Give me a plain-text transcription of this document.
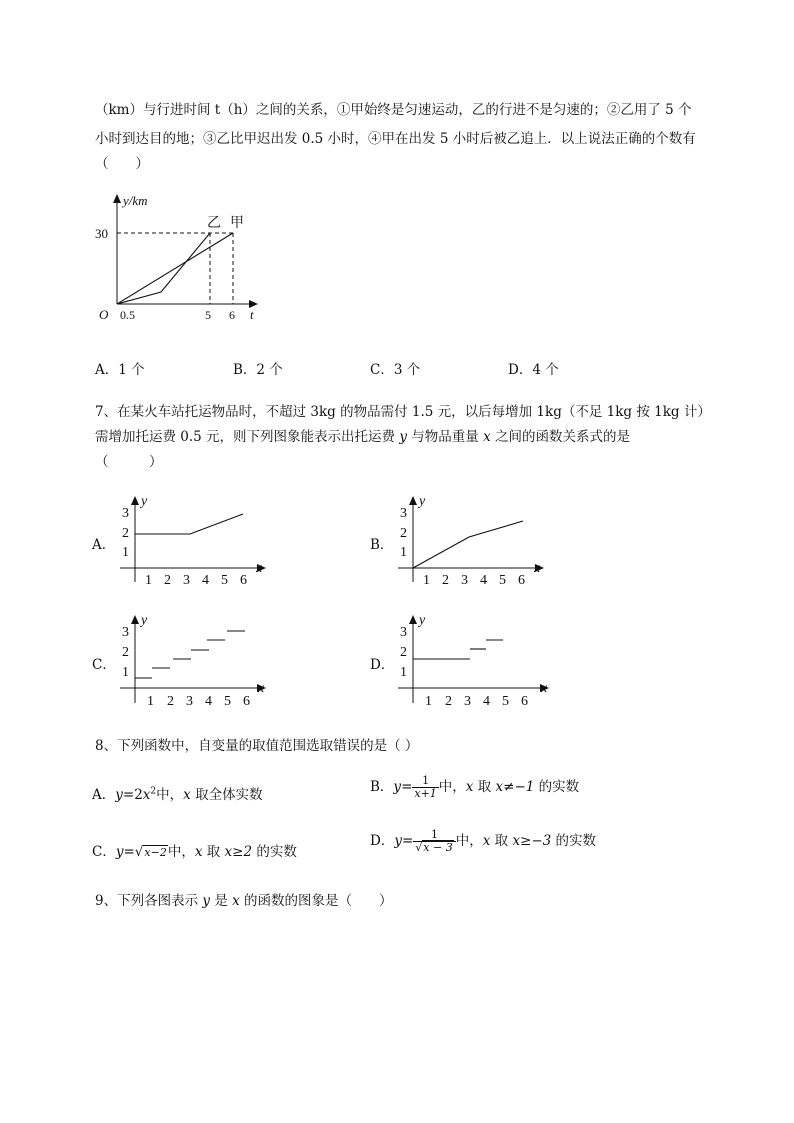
（km）与行进时间 t（h）之间的关系，①甲始终是匀速运动，乙的行进不是匀速的；②乙用了 5 个
小时到达目的地；③乙比甲迟出发 0.5 小时，④甲在出发 5 小时后被乙追上．以上说法正确的个数有
（　　）
y/km
30
O 0.5	5 6 t
乙 甲
A．1 个	B．2 个	C．3 个	D．4 个
7、在某火车站托运物品时，不超过 3kg 的物品需付 1.5 元，以后每增加 1kg（不足 1kg 按 1kg 计）
需增加托运费 0.5 元，则下列图象能表示出托运费 y 与物品重量 x 之间的函数关系式的是
（　　　）
A．	B．
C．	D．
y
x
3
2
1
1 2 3 4 5 6
y
x
3
2
1
1 2 3 4 5 6
y
x
3
2
1
1 2 3 4 5 6
y
x
3
2
1
1 2 3 4 5 6
8、下列函数中，自变量的取值范围选取错误的是（ ）
A．$y=2x^2$中，x 取全体实数	B．$y= \frac{1}{x+1}$ 中，x 取 x≠−1 的实数
C．y=√x−2中，x 取 x≥2 的实数
D．$y= \frac{1}{√x - 3}$ 中，x 取 x≥−3 的实数
9、下列各图表示 y 是 x 的函数的图象是（　　）
